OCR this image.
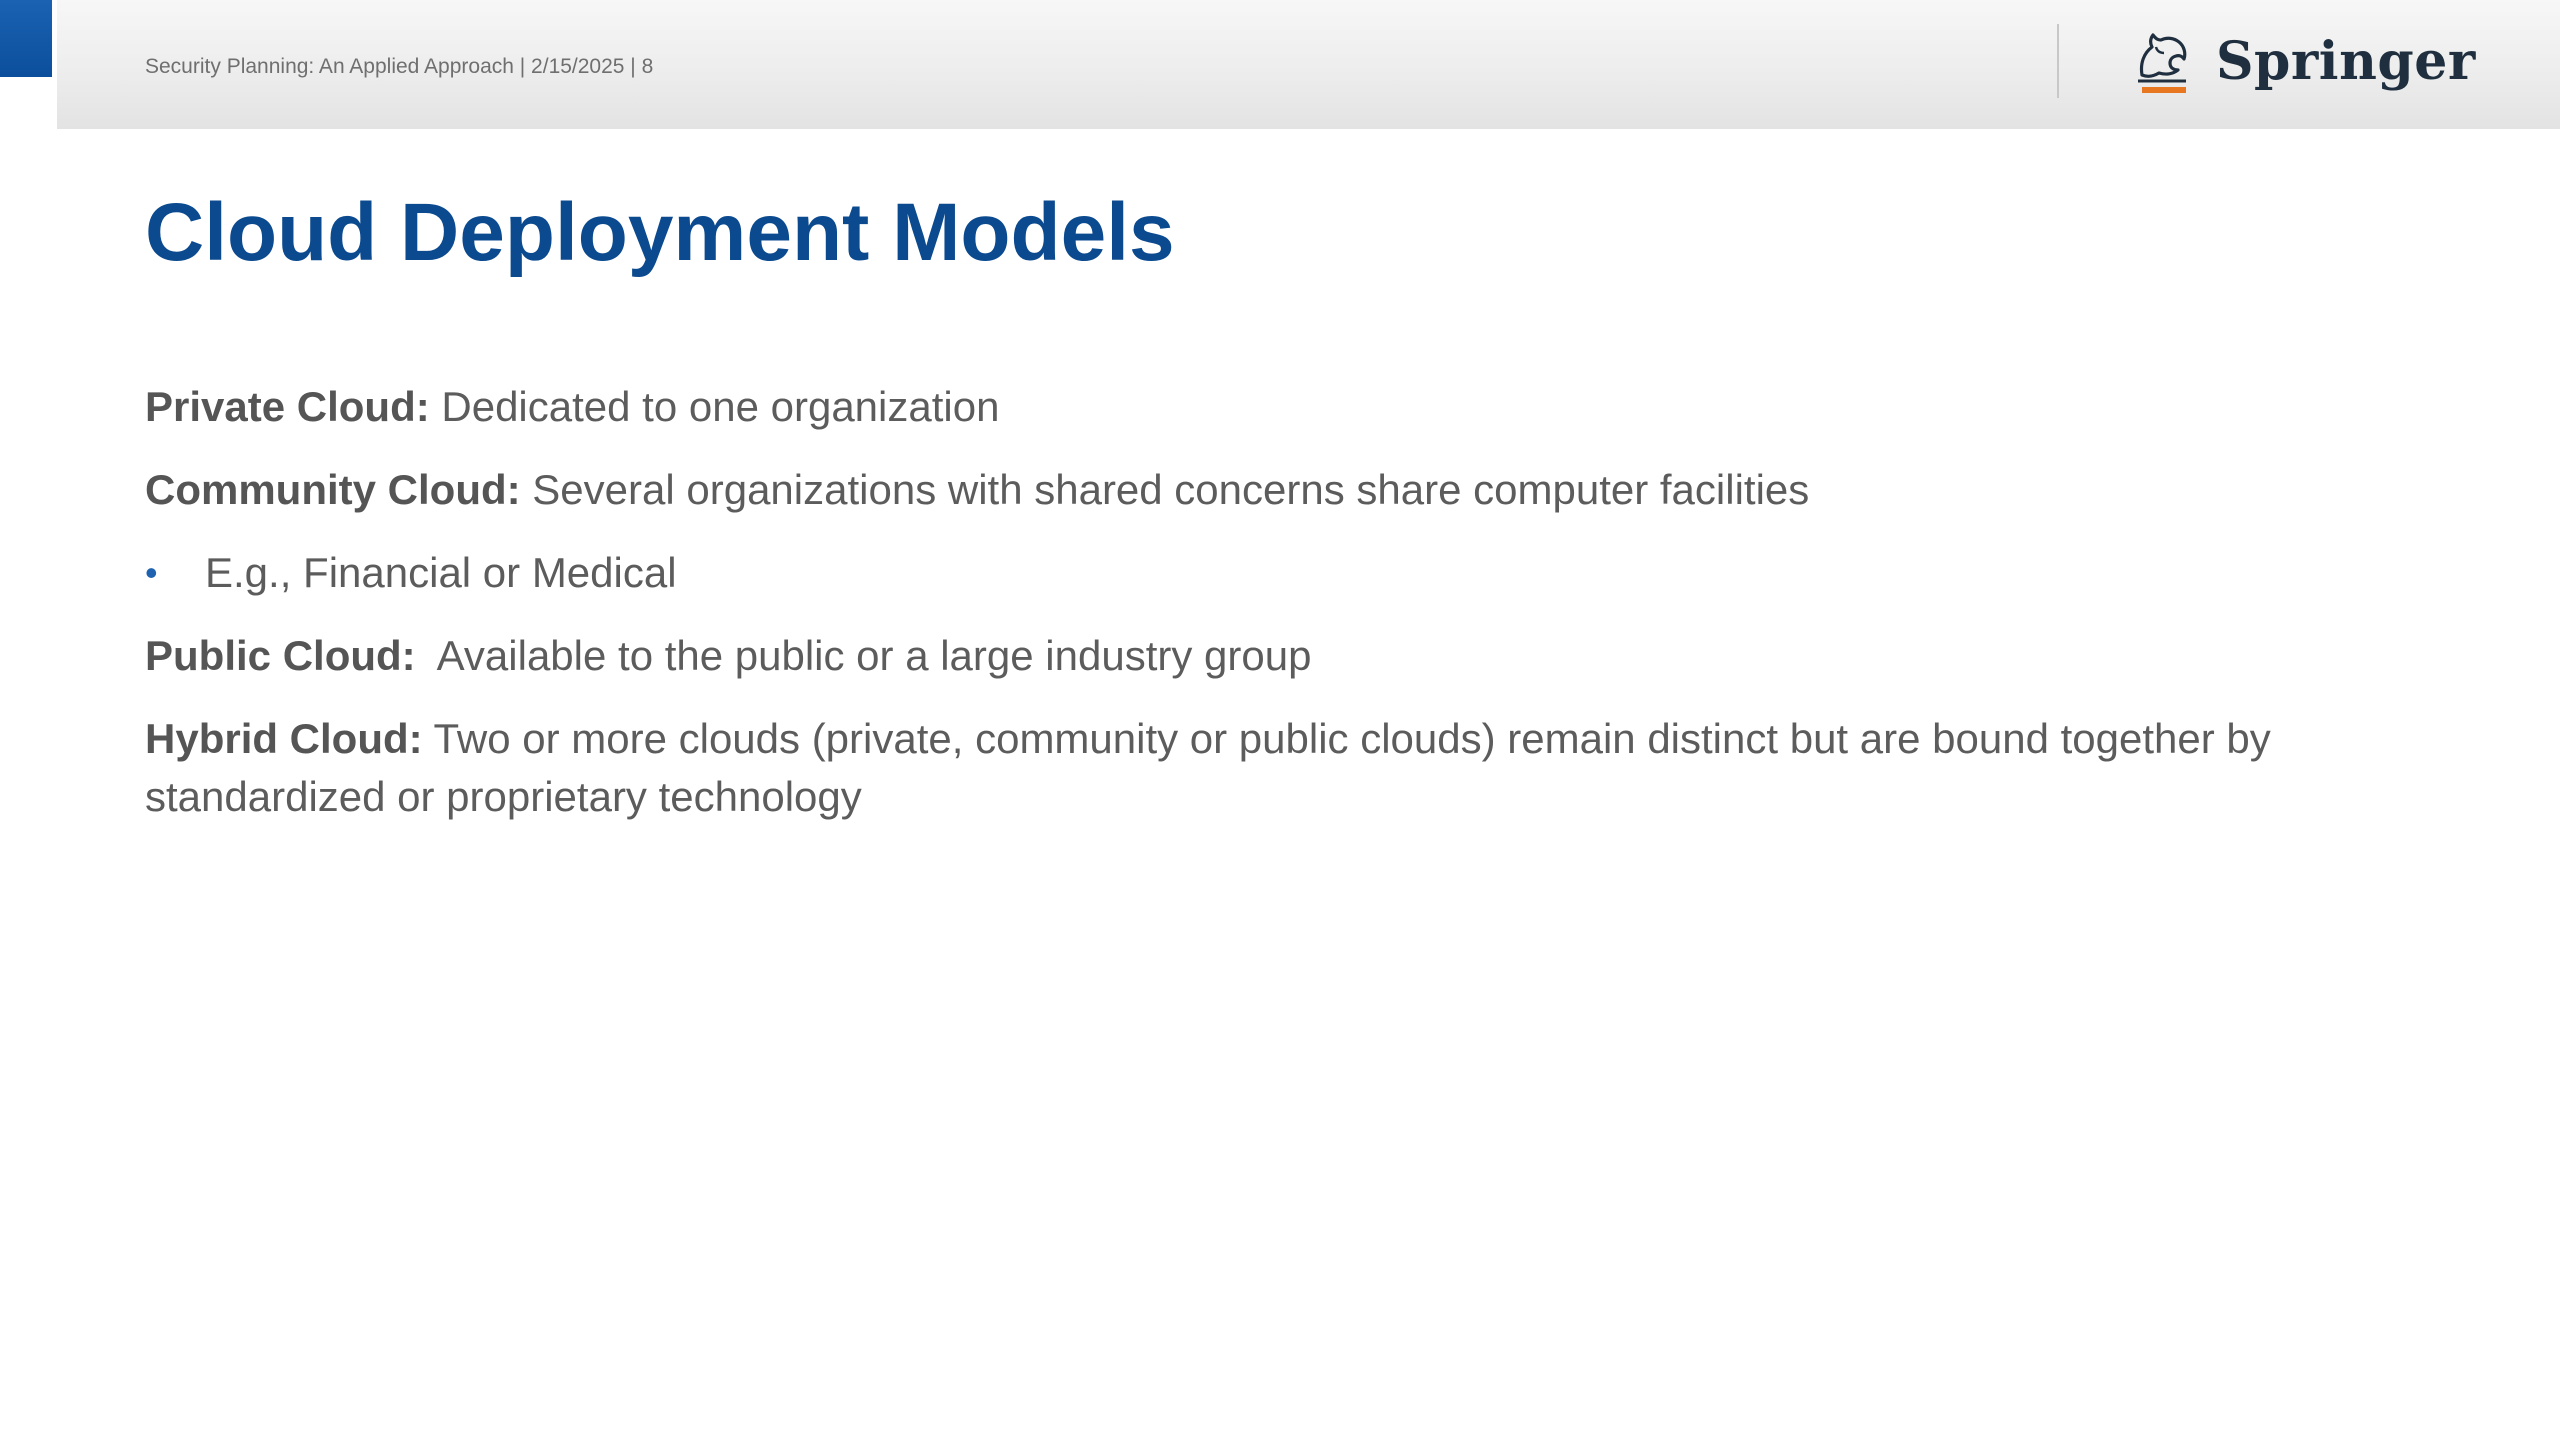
Security Planning: An Applied Approach | 2/15/2025 | 8	Springer
Cloud Deployment Models

Private Cloud: Dedicated to one organization

Community Cloud: Several organizations with shared concerns share computer facilities

•	E.g., Financial or Medical

Public Cloud:  Available to the public or a large industry group

Hybrid Cloud: Two or more clouds (private, community or public clouds) remain distinct but are bound together by standardized or proprietary technology
